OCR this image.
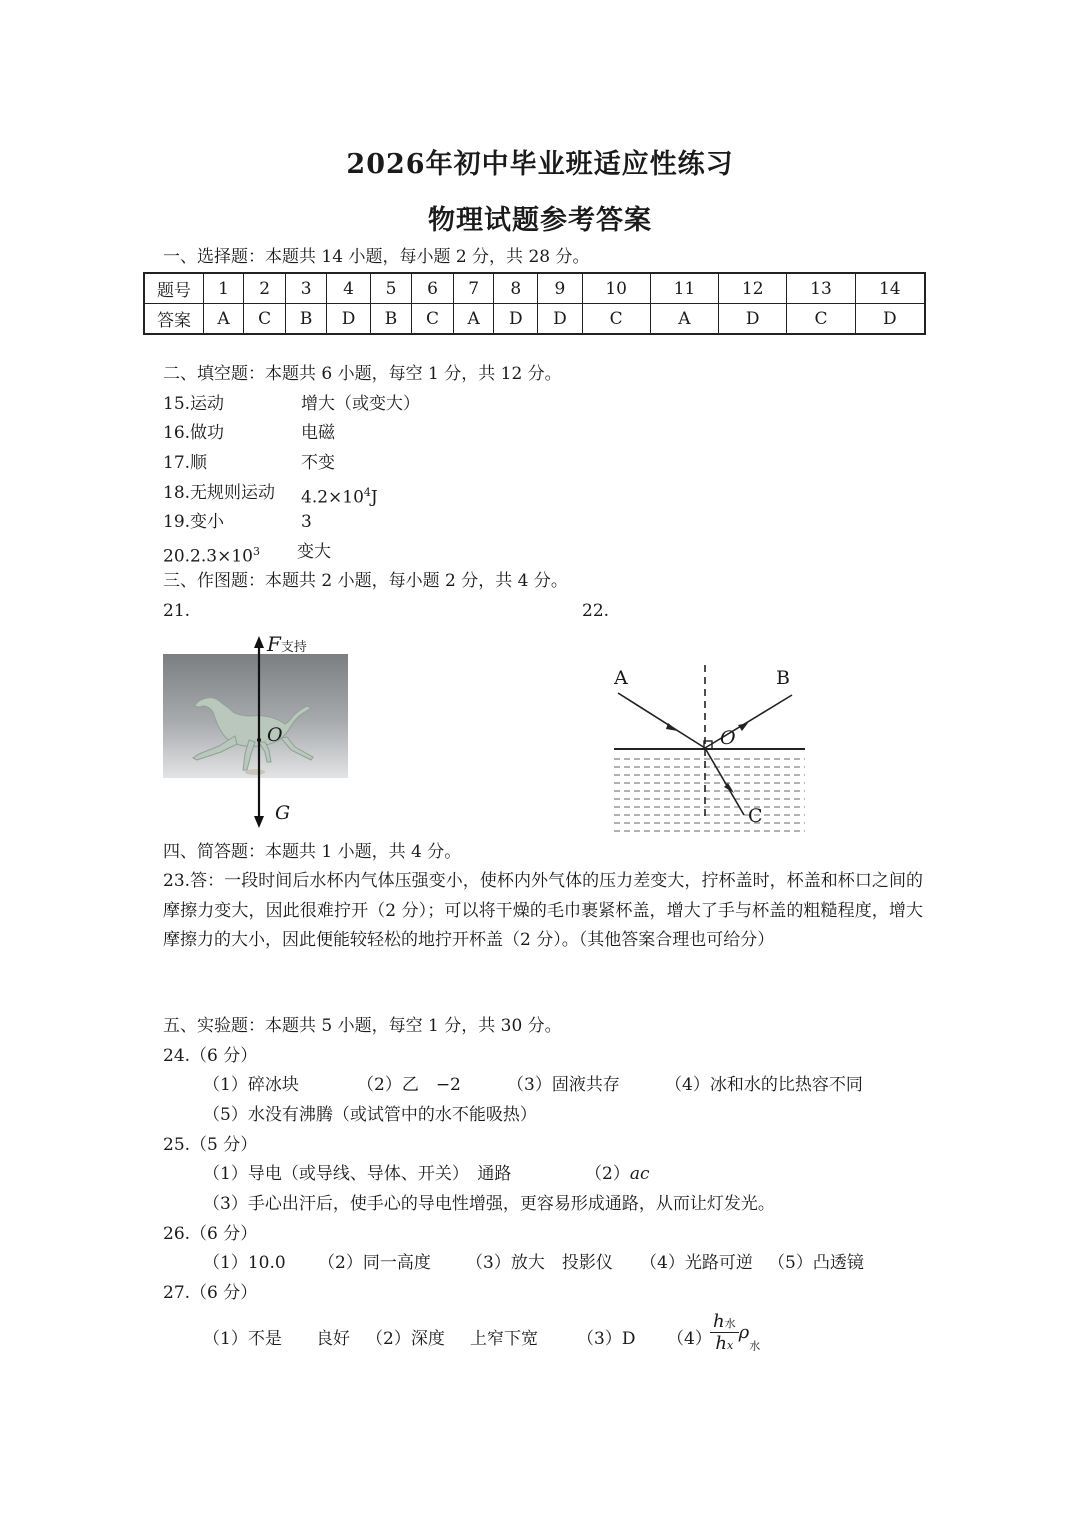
2026年初中毕业班适应性练习
物理试题参考答案
一、选择题：本题共 14 小题，每小题 2 分，共 28 分。
题号	1	2	3	4	5	6	7	8	9	10	11	12	13	14
答案	A	C	B	D	B	C	A	D	D	C	A	D	C	D
二、填空题：本题共 6 小题，每空 1 分，共 12 分。
15.运动	增大（或变大）
16.做功	电磁
17.顺	不变
18.无规则运动 $4.2\times 10^4J$
19.变小	3
$20.2.3\times 10^3$ 变大
三、作图题：本题共 2 小题，每小题 2 分，共 4 分。
21.	22.
F支持
O
G
A	B
C
O
四、简答题：本题共 1 小题，共 4 分。
23.答：一段时间后水杯内气体压强变小，使杯内外气体的压力差变大，拧杯盖时，杯盖和杯口之间的摩擦力变大，因此很难拧开（2 分）；可以将干燥的毛巾裹紧杯盖，增大了手与杯盖的粗糙程度，增大摩擦力的大小，因此便能较轻松的地拧开杯盖（2 分）。（其他答案合理也可给分）
五、实验题：本题共 5 小题，每空 1 分，共 30 分。
24.（6 分）
（1）碎冰块	（2）乙　−2	（3）固液共存	（4）冰和水的比热容不同
（5）水没有沸腾（或试管中的水不能吸热）
25.（5 分）
（1）导电（或导线、导体、开关）　通路	（2）ac
（3）手心出汗后，使手心的导电性增强，更容易形成通路，从而让灯发光。
26.（6 分）
（1）10.0 （2）同一高度 （3）放大　投影仪 （4）光路可逆 （5）凸透镜
27.（6 分）
（1）不是 良好 （2）深度 上窄下宽 （3）D （4）
$\frac{\text{h水}}{hx} \rho_水$
